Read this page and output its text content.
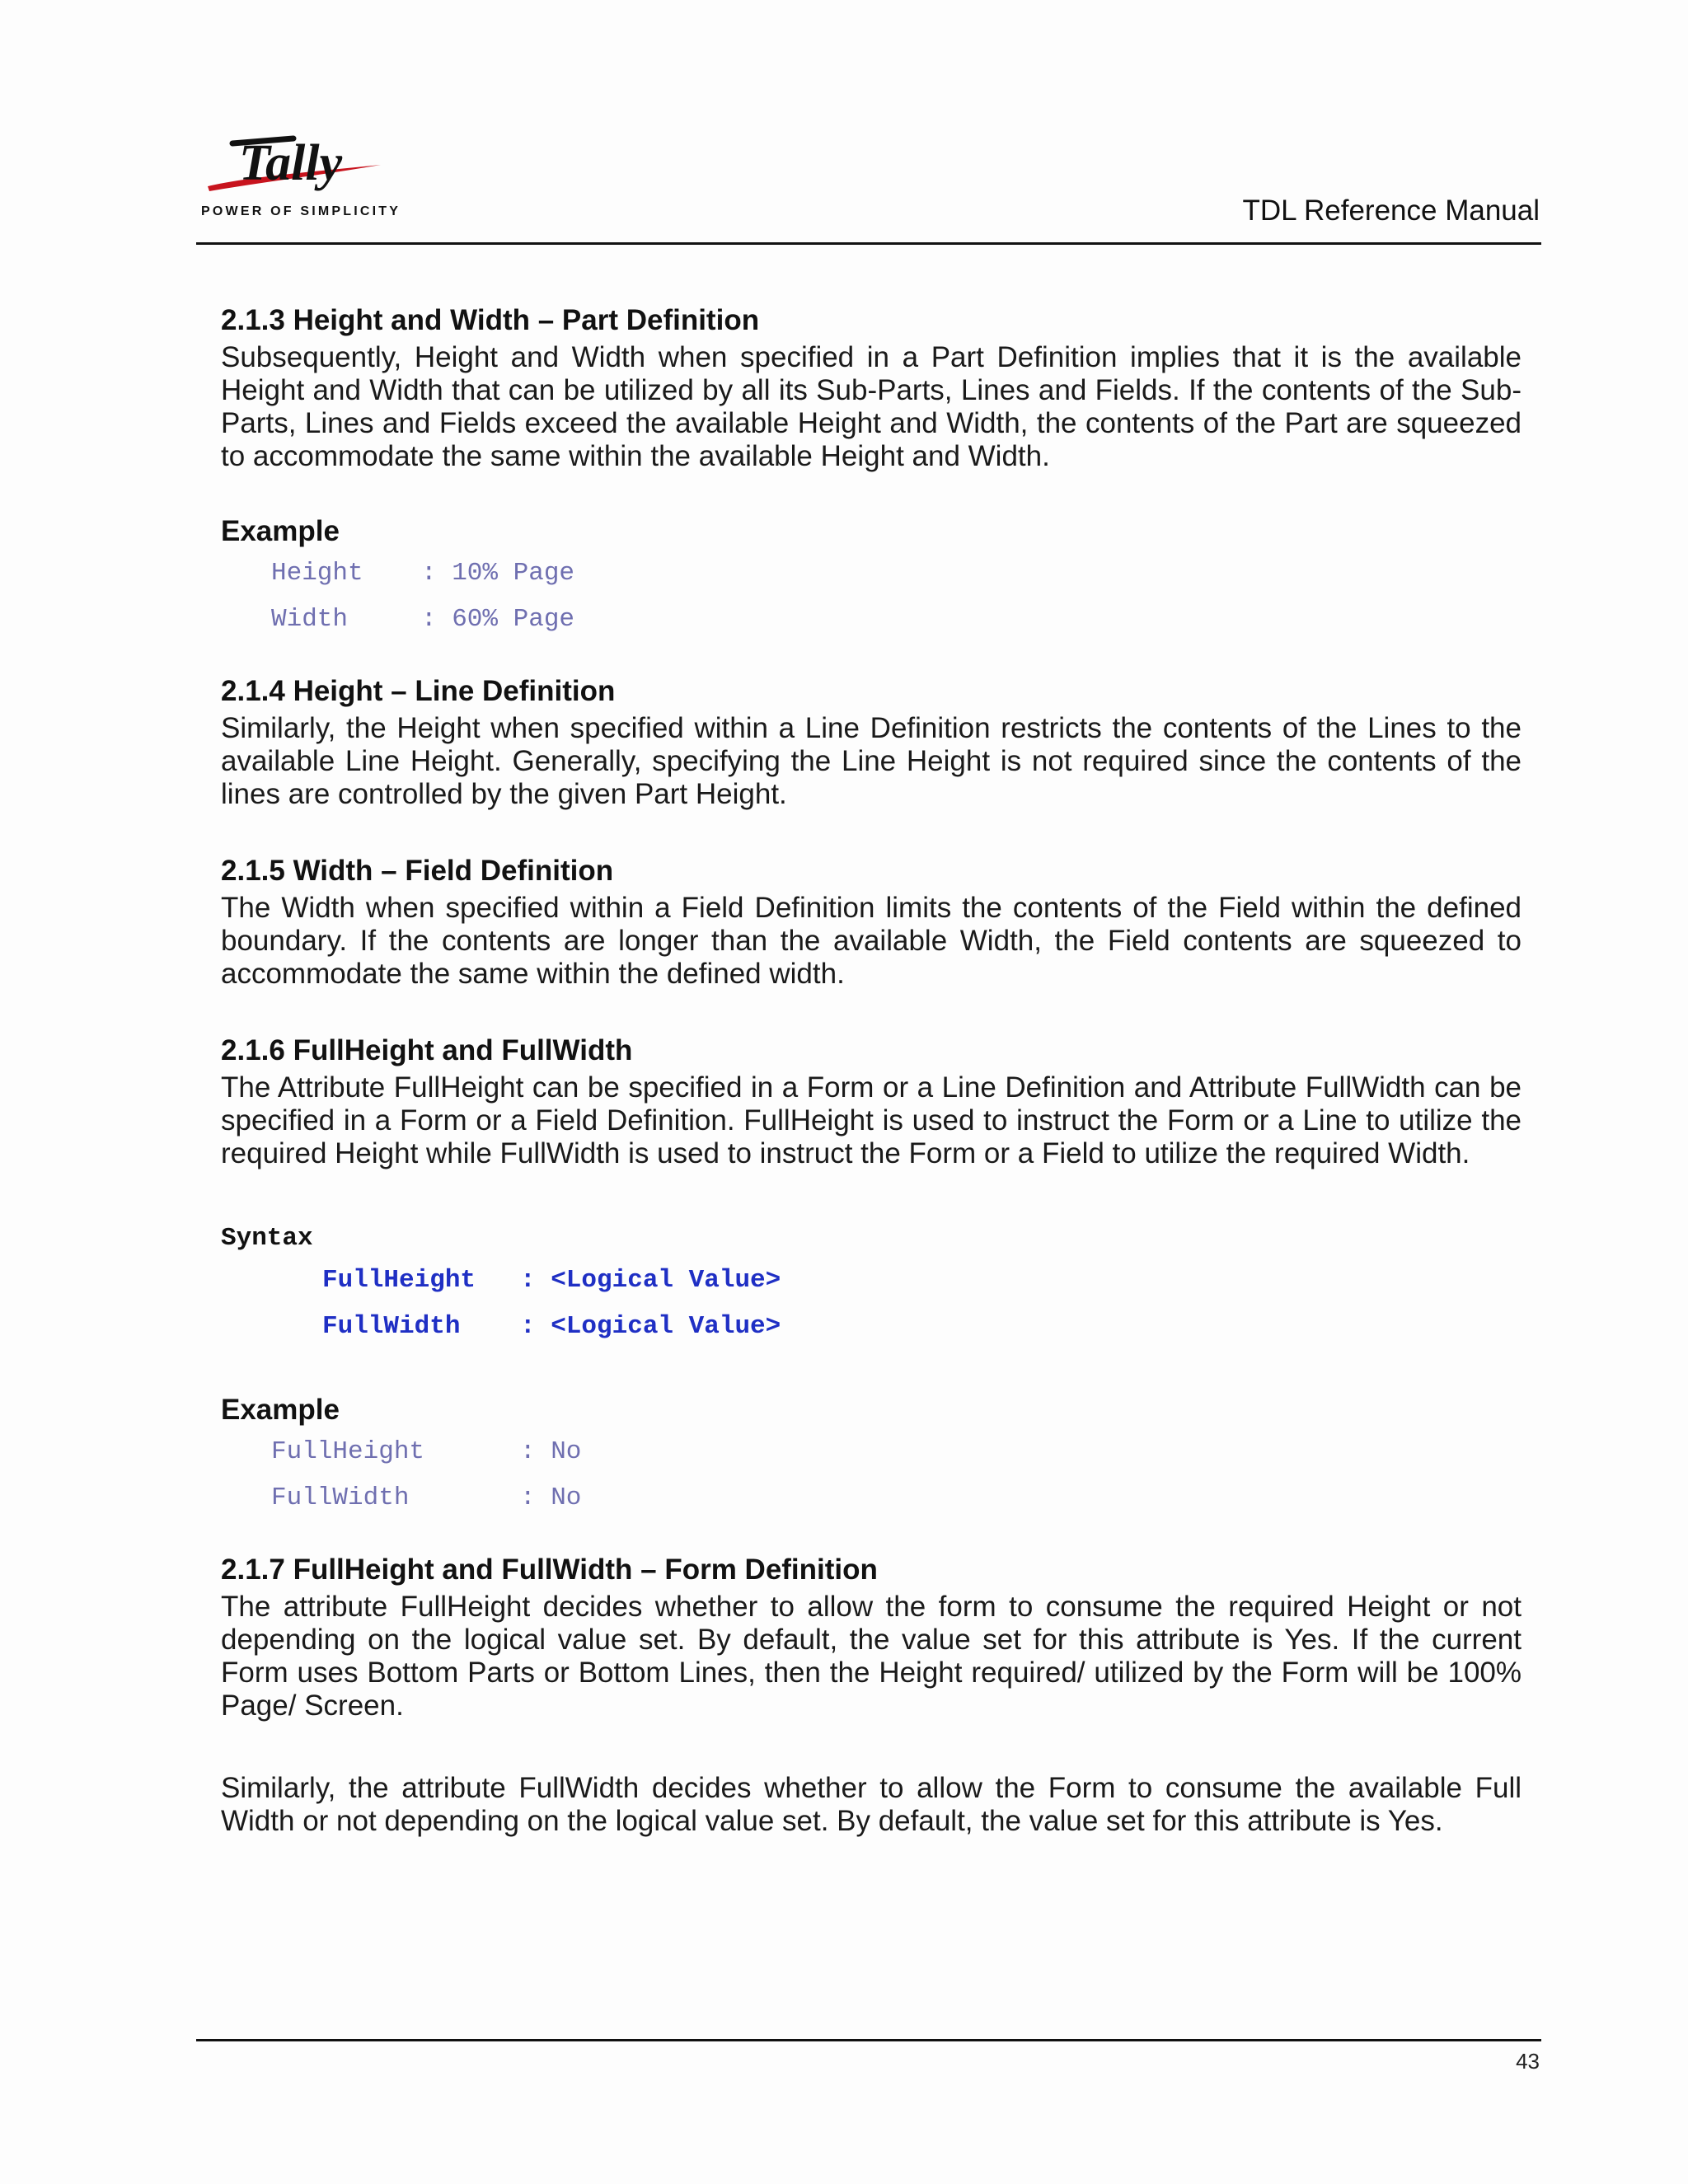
Tally
POWER OF SIMPLICITY	TDL Reference Manual
2.1.3 Height and Width – Part Definition

Subsequently, Height and Width when specified in a Part Definition implies that it is the available Height and Width that can be utilized by all its Sub-Parts, Lines and Fields. If the contents of the Sub-Parts, Lines and Fields exceed the available Height and Width, the contents of the Part are squeezed to accommodate the same within the available Height and Width.

Example
Height	: 10% Page
Width	: 60% Page
2.1.4 Height – Line Definition

Similarly, the Height when specified within a Line Definition restricts the contents of the Lines to the available Line Height. Generally, specifying the Line Height is not required since the contents of the lines are controlled by the given Part Height.

2.1.5 Width – Field Definition

The Width when specified within a Field Definition limits the contents of the Field within the defined boundary. If the contents are longer than the available Width, the Field contents are squeezed to accommodate the same within the defined width.

2.1.6 FullHeight and FullWidth

The Attribute FullHeight can be specified in a Form or a Line Definition and Attribute FullWidth can be specified in a Form or a Field Definition. FullHeight is used to instruct the Form or a Line to utilize the required Height while FullWidth is used to instruct the Form or a Field to utilize the required Width.

Syntax
FullHeight	: <Logical Value>
FullWidth	: <Logical Value>
Example
FullHeight	: No
FullWidth	: No
2.1.7 FullHeight and FullWidth – Form Definition

The attribute FullHeight decides whether to allow the form to consume the required Height or not depending on the logical value set. By default, the value set for this attribute is Yes. If the current Form uses Bottom Parts or Bottom Lines, then the Height required/ utilized by the Form will be 100% Page/ Screen.

Similarly, the attribute FullWidth decides whether to allow the Form to consume the available Full Width or not depending on the logical value set. By default, the value set for this attribute is Yes.

43
